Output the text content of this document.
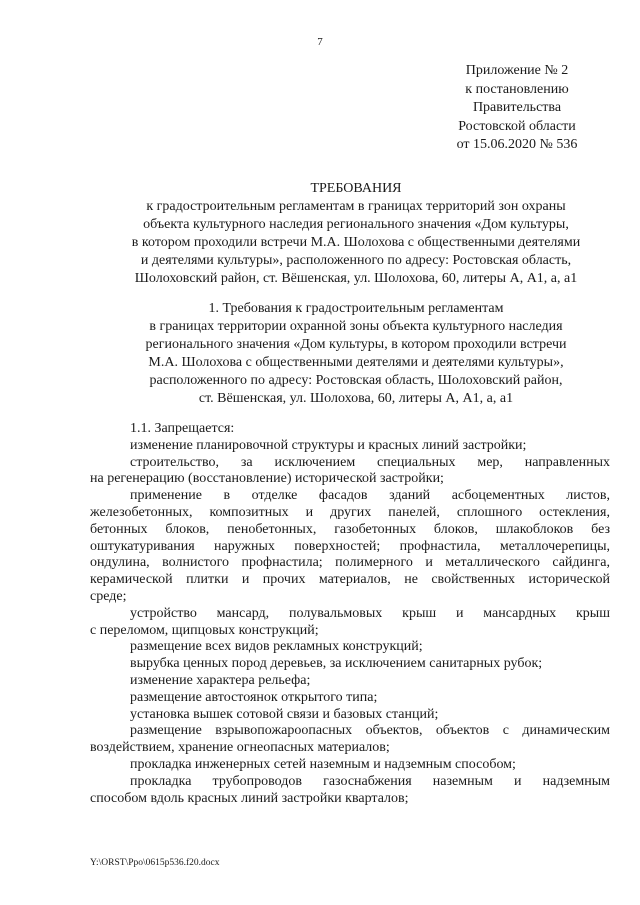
7
Приложение № 2
к постановлению
Правительства
Ростовской области
от 15.06.2020 № 536
ТРЕБОВАНИЯ
к градостроительным регламентам в границах территорий зон охраны
объекта культурного наследия регионального значения «Дом культуры,
в котором проходили встречи М.А. Шолохова с общественными деятелями
и деятелями культуры», расположенного по адресу: Ростовская область,
Шолоховский район, ст. Вёшенская, ул. Шолохова, 60, литеры А, А1, а, а1
1. Требования к градостроительным регламентам
в границах территории охранной зоны объекта культурного наследия
регионального значения «Дом культуры, в котором проходили встречи
М.А. Шолохова с общественными деятелями и деятелями культуры»,
расположенного по адресу: Ростовская область, Шолоховский район,
ст. Вёшенская, ул. Шолохова, 60, литеры А, А1, а, а1
1.1. Запрещается:
изменение планировочной структуры и красных линий застройки;
строительство, за исключением специальных мер, направленных
на регенерацию (восстановление) исторической застройки;
применение в отделке фасадов зданий асбоцементных листов,
железобетонных, композитных и других панелей, сплошного остекления,
бетонных блоков, пенобетонных, газобетонных блоков, шлакоблоков без
оштукатуривания наружных поверхностей; профнастила, металлочерепицы,
ондулина, волнистого профнастила; полимерного и металлического сайдинга,
керамической плитки и прочих материалов, не свойственных исторической
среде;
устройство мансард, полувальмовых крыш и мансардных крыш
с переломом, щипцовых конструкций;
размещение всех видов рекламных конструкций;
вырубка ценных пород деревьев, за исключением санитарных рубок;
изменение характера рельефа;
размещение автостоянок открытого типа;
установка вышек сотовой связи и базовых станций;
размещение взрывопожароопасных объектов, объектов с динамическим
воздействием, хранение огнеопасных материалов;
прокладка инженерных сетей наземным и надземным способом;
прокладка трубопроводов газоснабжения наземным и надземным
способом вдоль красных линий застройки кварталов;
Y:\ORST\Ppo\0615p536.f20.docx
